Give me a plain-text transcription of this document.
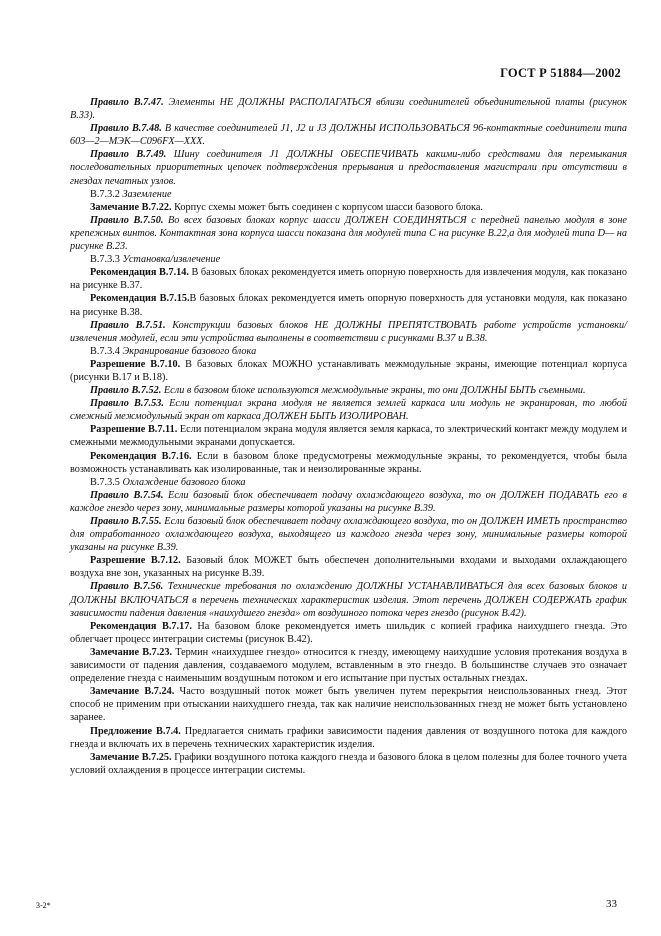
ГОСТ Р 51884—2002

Правило В.7.47. Элементы НЕ ДОЛЖНЫ РАСПОЛАГАТЬСЯ вблизи соединителей объединительной платы (рисунок В.33).

Правило В.7.48. В качестве соединителей J1, J2 и J3 ДОЛЖНЫ ИСПОЛЬЗОВАТЬСЯ 96-контактные соединители типа 603—2—МЭК—С096FХ—ХХХ.

Правило В.7.49. Шину соединителя J1 ДОЛЖНЫ ОБЕСПЕЧИВАТЬ какими-либо средствами для перемыкания последовательных приоритетных цепочек подтверждения прерывания и предоставления магистрали при отсутствии в гнездах печатных узлов.

В.7.3.2 Заземление

Замечание В.7.22. Корпус схемы может быть соединен с корпусом шасси базового блока.

Правило В.7.50. Во всех базовых блоках корпус шасси ДОЛЖЕН СОЕДИНЯТЬСЯ с передней панелью модуля в зоне крепежных винтов. Контактная зона корпуса шасси показана для модулей типа С на рисунке В.22,а для модулей типа D— на рисунке В.23.

В.7.3.3 Установка/извлечение

Рекомендация В.7.14. В базовых блоках рекомендуется иметь опорную поверхность для извлечения модуля, как показано на рисунке В.37.

Рекомендация В.7.15.В базовых блоках рекомендуется иметь опорную поверхность для установки модуля, как показано на рисунке В.38.

Правило В.7.51. Конструкции базовых блоков НЕ ДОЛЖНЫ ПРЕПЯТСТВОВАТЬ работе устройств установки/извлечения модулей, если эти устройства выполнены в соответствии с рисунками В.37 и В.38.

В.7.3.4 Экранирование базового блока

Разрешение В.7.10. В базовых блоках МОЖНО устанавливать межмодульные экраны, имеющие потенциал корпуса (рисунки В.17 и В.18).

Правило В.7.52. Если в базовом блоке используются межмодульные экраны, то они ДОЛЖНЫ БЫТЬ съемными.

Правило В.7.53. Если потенциал экрана модуля не является землей каркаса или модуль не экранирован, то любой смежный межмодульный экран от каркаса ДОЛЖЕН БЫТЬ ИЗОЛИРОВАН.

Разрешение В.7.11. Если потенциалом экрана модуля является земля каркаса, то электрический контакт между модулем и смежными межмодульными экранами допускается.

Рекомендация В.7.16. Если в базовом блоке предусмотрены межмодульные экраны, то рекомендуется, чтобы была возможность устанавливать как изолированные, так и неизолированные экраны.

В.7.3.5 Охлаждение базового блока

Правило В.7.54. Если базовый блок обеспечивает подачу охлаждающего воздуха, то он ДОЛЖЕН ПОДАВАТЬ его в каждое гнездо через зону, минимальные размеры которой указаны на рисунке В.39.

Правило В.7.55. Если базовый блок обеспечивает подачу охлаждающего воздуха, то он ДОЛЖЕН ИМЕТЬ пространство для отработанного охлаждающего воздуха, выходящего из каждого гнезда через зону, минимальные размеры которой указаны на рисунке В.39.

Разрешение В.7.12. Базовый блок МОЖЕТ быть обеспечен дополнительными входами и выходами охлаждающего воздуха вне зон, указанных на рисунке В.39.

Правило В.7.56. Технические требования по охлаждению ДОЛЖНЫ УСТАНАВЛИВАТЬСЯ для всех базовых блоков и ДОЛЖНЫ ВКЛЮЧАТЬСЯ в перечень технических характеристик изделия. Этот перечень ДОЛЖЕН СОДЕРЖАТЬ график зависимости падения давления «наихудшего гнезда» от воздушного потока через гнездо (рисунок В.42).

Рекомендация В.7.17. На базовом блоке рекомендуется иметь шильдик с копией графика наихудшего гнезда. Это облегчает процесс интеграции системы (рисунок В.42).

Замечание В.7.23. Термин «наихудшее гнездо» относится к гнезду, имеющему наихудшие условия протекания воздуха в зависимости от падения давления, создаваемого модулем, вставленным в это гнездо. В большинстве случаев это означает определение гнезда с наименьшим воздушным потоком и его испытание при пустых остальных гнездах.

Замечание В.7.24. Часто воздушный поток может быть увеличен путем перекрытия неиспользованных гнезд. Этот способ не применим при отыскании наихудшего гнезда, так как наличие неиспользованных гнезд не может быть установлено заранее.

Предложение В.7.4. Предлагается снимать графики зависимости падения давления от воздушного потока для каждого гнезда и включать их в перечень технических характеристик изделия.

Замечание В.7.25. Графики воздушного потока каждого гнезда и базового блока в целом полезны для более точного учета условий охлаждения в процессе интеграции системы.

3-2*	33
